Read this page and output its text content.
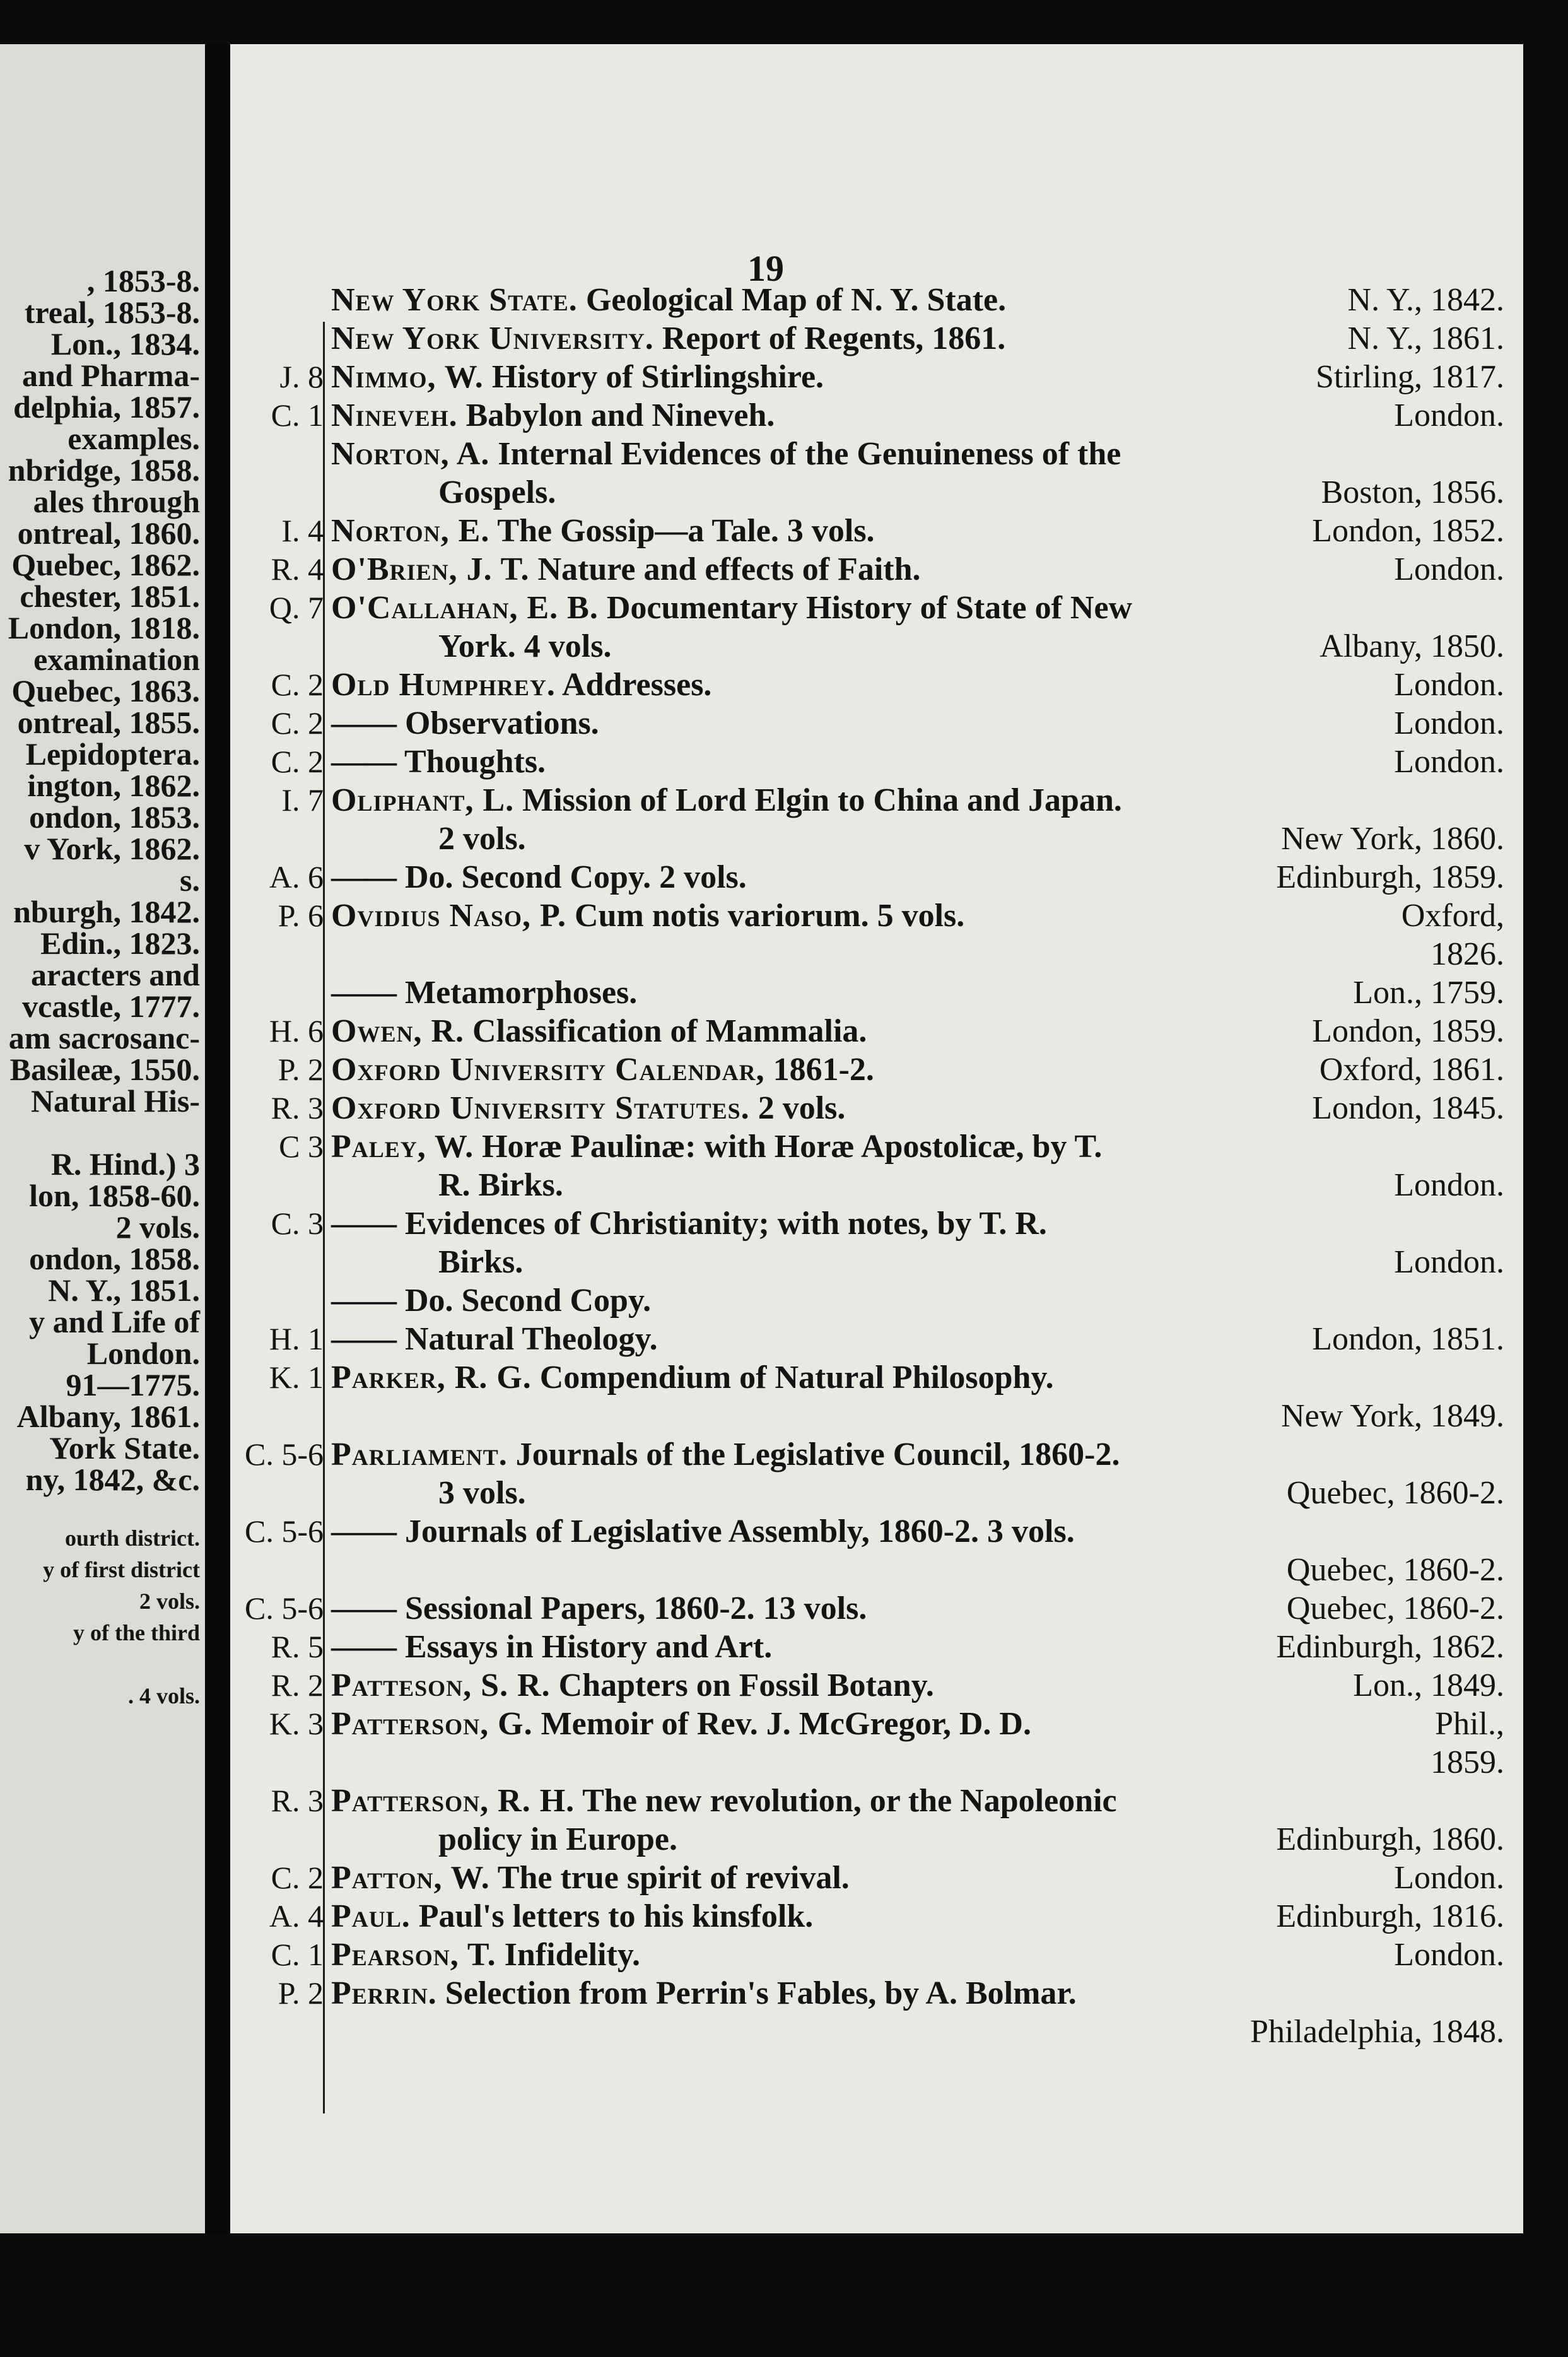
, 1853-8.
treal, 1853-8.
Lon., 1834.
and Pharma-
delphia, 1857.
examples.
nbridge, 1858.
ales through
ontreal, 1860.
Quebec, 1862.
chester, 1851.
London, 1818.
examination
Quebec, 1863.
ontreal, 1855.
Lepidoptera.
ington, 1862.
ondon, 1853.
v York, 1862.
s.
nburgh, 1842.
Edin., 1823.
aracters and
vcastle, 1777.
am sacrosanc-
Basileæ, 1550.
Natural His-
R. Hind.) 3
lon, 1858-60.
2 vols.
ondon, 1858.
N. Y., 1851.
y and Life of
London.
91—1775.
Albany, 1861.
York State.
ny, 1842, &c.
ourth district.
y of first district
2 vols.
y of the third
. 4 vols.
19
New York State. Geological Map of N. Y. State.	N. Y., 1842.
New York University. Report of Regents, 1861.	N. Y., 1861.
J. 8 Nimmo, W. History of Stirlingshire.	Stirling, 1817.
C. 1 Nineveh. Babylon and Nineveh.	London.
Norton, A. Internal Evidences of the Genuineness of the
Gospels.	Boston, 1856.
I. 4 Norton, E. The Gossip—a Tale. 3 vols.	London, 1852.
R. 4 O'Brien, J. T. Nature and effects of Faith.	London.
Q. 7 O'Callahan, E. B. Documentary History of State of New
York. 4 vols.	Albany, 1850.
C. 2 Old Humphrey. Addresses.	London.
C. 2 —— Observations.	London.
C. 2 —— Thoughts.	London.
I. 7 Oliphant, L. Mission of Lord Elgin to China and Japan.
2 vols.	New York, 1860.
A. 6 —— Do. Second Copy. 2 vols.	Edinburgh, 1859.
P. 6 Ovidius Naso, P. Cum notis variorum. 5 vols.	Oxford,
1826.
—— Metamorphoses.	Lon., 1759.
H. 6 Owen, R. Classification of Mammalia.	London, 1859.
P. 2 Oxford University Calendar, 1861-2.	Oxford, 1861.
R. 3 Oxford University Statutes. 2 vols.	London, 1845.
C 3 Paley, W. Horæ Paulinæ: with Horæ Apostolicæ, by T.
R. Birks.	London.
C. 3 —— Evidences of Christianity; with notes, by T. R.
Birks.	London.
—— Do. Second Copy.
H. 1 —— Natural Theology.	London, 1851.
K. 1 Parker, R. G. Compendium of Natural Philosophy.
New York, 1849.
C. 5-6 Parliament. Journals of the Legislative Council, 1860-2.
3 vols.	Quebec, 1860-2.
C. 5-6 —— Journals of Legislative Assembly, 1860-2. 3 vols.
Quebec, 1860-2.
C. 5-6 —— Sessional Papers, 1860-2. 13 vols.	Quebec, 1860-2.
R. 5 —— Essays in History and Art.	Edinburgh, 1862.
R. 2 Patteson, S. R. Chapters on Fossil Botany.	Lon., 1849.
K. 3 Patterson, G. Memoir of Rev. J. McGregor, D. D.	Phil.,
1859.
R. 3 Patterson, R. H. The new revolution, or the Napoleonic
policy in Europe.	Edinburgh, 1860.
C. 2 Patton, W. The true spirit of revival.	London.
A. 4 Paul. Paul's letters to his kinsfolk.	Edinburgh, 1816.
C. 1 Pearson, T. Infidelity.	London.
P. 2 Perrin. Selection from Perrin's Fables, by A. Bolmar.
Philadelphia, 1848.
